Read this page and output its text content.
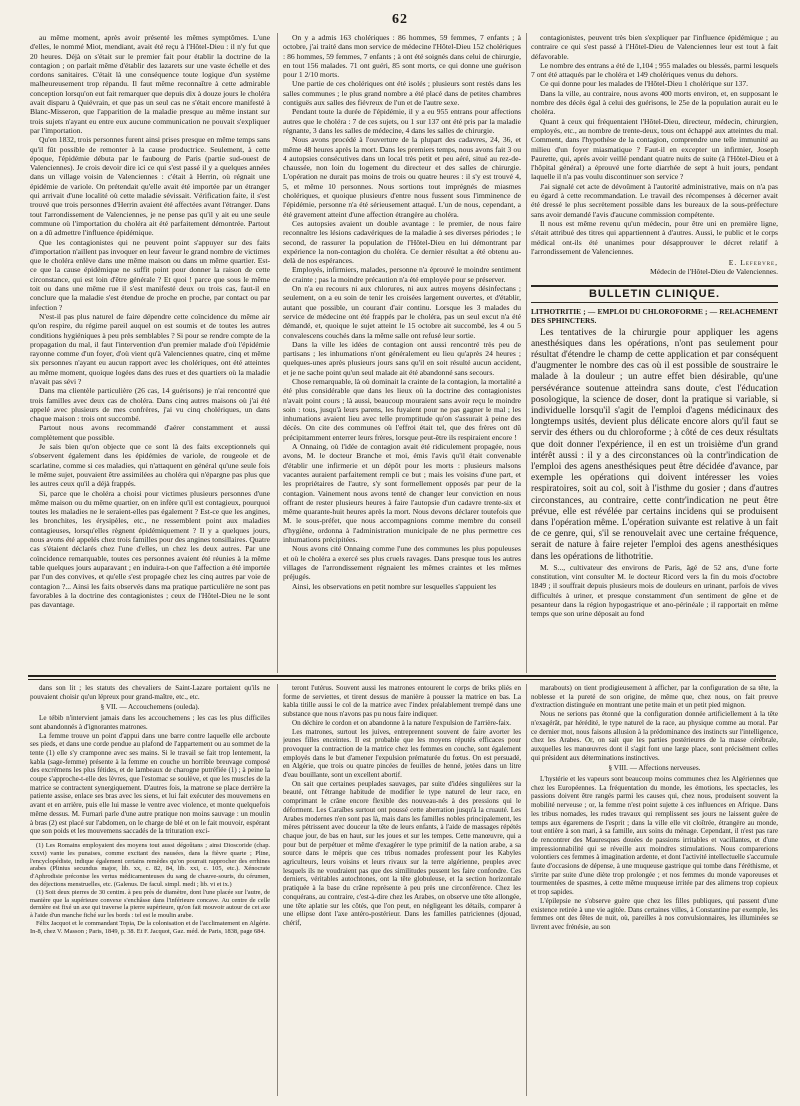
62

au même moment, après avoir présenté les mêmes symptômes. L'une d'elles, le nommé Miot, mendiant, avait été reçu à l'Hôtel-Dieu : il n'y fut que 20 heures. Déjà on s'était sur le premier fait pour établir la doctrine de la contagion ; on parlait même d'établir des lazarets sur une vaste échelle et des cordons sanitaires. C'était là une conséquence toute logique d'un système malheureusement trop répandu. Il faut même reconnaître à cette admirable conception lorsqu'on eut fait remarquer que depuis dix à douze jours le choléra avait disparu à Quiévrain, et que pas un seul cas ne s'était encore manifesté à Blanc-Misseron, que l'apparition de la maladie presque au même instant sur trois sujets n'ayant eu entre eux aucune communication ne pouvait s'expliquer par l'importation.

Qu'en 1832, trois personnes furent ainsi prises presque en même temps sans qu'il fût possible de remonter à la cause productrice. Seulement, à cette époque, l'épidémie débuta par le faubourg de Paris (partie sud-ouest de Valenciennes). Je crois devoir dire ici ce qui s'est passé il y a quelques années dans un village voisin de Valenciennes : c'était à Herrin, où régnait une épidémie de variole. On prétendait qu'elle avait été importée par un étranger qui arrivait d'une localité où cette maladie sévissait. Vérification faite, il s'est trouvé que trois personnes d'Herrin avaient été affectées avant l'étranger. Dans tout l'arrondissement de Valenciennes, je ne pense pas qu'il y ait eu une seule commune où l'importation du choléra ait été parfaitement démontrée. Partout on a dû admettre l'influence épidémique.

Que les contagionistes qui ne peuvent point s'appuyer sur des faits d'importation n'aillent pas invoquer en leur faveur le grand nombre de victimes que le choléra enlève dans une même maison ou dans un même quartier. Est-ce que la cause épidémique ne suffit point pour donner la raison de cette circonstance, qui est loin d'être générale ? Et quoi ! parce que sous le même toit ou dans une même rue il s'est manifesté deux ou trois cas, faut-il en conclure que la maladie s'est étendue de proche en proche, par contact ou par infection ?

N'est-il pas plus naturel de faire dépendre cette coïncidence du même air qu'on respire, du régime pareil auquel on est soumis et de toutes les autres conditions hygiéniques à peu près semblables ? Si pour se rendre compte de la propagation du mal, il faut l'intervention d'un premier malade d'où l'épidémie rayonne comme d'un foyer, d'où vient qu'à Valenciennes quatre, cinq et même six personnes n'ayant eu aucun rapport avec les cholériques, ont été atteintes au même moment, quoique logées dans des rues et des quartiers où la maladie n'avait pas sévi ?

Dans ma clientèle particulière (26 cas, 14 guérisons) je n'ai rencontré que trois familles avec deux cas de choléra. Dans cinq autres maisons où j'ai été appelé avec plusieurs de mes confrères, j'ai vu cinq cholériques, un dans chaque maison : trois ont succombé.

Partout nous avons recommandé d'aérer constamment et aussi complètement que possible.

Je sais bien qu'on objecte que ce sont là des faits exceptionnels qui s'observent également dans les épidémies de variole, de rougeole et de scarlatine, comme si ces maladies, qui n'attaquent en général qu'une seule fois le même sujet, pouvaient être assimilées au choléra qui n'épargne pas plus que les autres ceux qu'il a déjà frappés.

Si, parce que le choléra a choisi pour victimes plusieurs personnes d'une même maison ou du même quartier, on en infère qu'il est contagieux, pourquoi toutes les maladies ne le seraient-elles pas également ? Est-ce que les angines, les bronchites, les érysipèles, etc., ne ressemblent point aux maladies contagieuses, lorsqu'elles règnent épidémiquement ? Il y a quelques jours, nous avons été appelés chez trois familles pour des angines tonsillaires. Quatre cas s'étaient déclarés chez l'une d'elles, un chez les deux autres. Par une coïncidence remarquable, toutes ces personnes avaient été réunies à la même table quelques jours auparavant ; en induira-t-on que l'affection a été importée par l'un des convives, et qu'elle s'est propagée chez les cinq autres par voie de contagion ?... Ainsi les faits observés dans ma pratique particulière ne sont pas favorables à la doctrine des contagionistes ; ceux de l'Hôtel-Dieu ne le sont pas davantage.

On y a admis 163 cholériques : 86 hommes, 59 femmes, 7 enfants ; à octobre, j'ai traité dans mon service de médecine l'Hôtel-Dieu 152 cholériques : 86 hommes, 59 femmes, 7 enfants ; à ont été soignés dans celui de chirurgie, en tout 156 malades. 71 ont guéri, 85 sont morts, ce qui donne une guérison pour 1 2/10 morts.

Une partie de ces cholériques ont été isolés ; plusieurs sont restés dans les salles communes ; le plus grand nombre a été placé dans de petites chambres contiguës aux salles des fiévreux de l'un et de l'autre sexe.

Pendant toute la durée de l'épidémie, il y a eu 955 entrans pour affections autres que le choléra : 7 de ces sujets, ou 1 sur 137 ont été pris par la maladie régnante, 3 dans les salles de médecine, 4 dans les salles de chirurgie.

Nous avons procédé à l'ouverture de la plupart des cadavres, 24, 36, et même 48 heures après la mort. Dans les premiers temps, nous avons fait 3 ou 4 autopsies consécutives dans un local très petit et peu aéré, situé au rez-de-chaussée, non loin du logement du directeur et des salles de chirurgie. L'opération ne durait pas moins de trois ou quatre heures : il s'y est trouvé 4, 5, et même 10 personnes. Nous sortions tout imprégnés de miasmes cholériques, et quoique plusieurs d'entre nous fussent sous l'imminence de l'épidémie, personne n'a été sérieusement attaqué. L'un de nous, cependant, a été gravement atteint d'une affection étrangère au choléra.

Ces autopsies avaient un double avantage : le premier, de nous faire reconnaître les lésions cadavériques de la maladie à ses diverses périodes ; le second, de rassurer la population de l'Hôtel-Dieu en lui démontrant par expérience la non-contagion du choléra. Ce dernier résultat a été obtenu au-delà de nos espérances.

Employés, infirmiers, malades, personne n'a éprouvé le moindre sentiment de crainte ; pas la moindre précaution n'a été employée pour se préserver.

On n'a eu recours ni aux chlorures, ni aux autres moyens désinfectans ; seulement, on a eu soin de tenir les croisées largement ouvertes, et d'établir, autant que possible, un courant d'air continu. Lorsque les 3 malades du service de médecine ont été frappés par le choléra, pas un seul excut n'a été démandé, et, quoique le sujet atteint le 15 octobre ait succombé, les 4 ou 5 convalescens couchés dans la même salle ont refusé leur sortie.

Dans la ville les idées de contagion ont aussi rencontré très peu de partisans ; les inhumations n'ont généralement eu lieu qu'après 24 heures ; quelques-unes après plusieurs jours sans qu'il en soit résulté aucun accident, et je ne sache point qu'un seul malade ait été abandonné sans secours.

Chose remarquable, là où dominait la crainte de la contagion, la mortalité a été plus considérable que dans les lieux où la doctrine des contagionistes n'avait point cours ; là aussi, beaucoup mouraient sans avoir reçu le moindre soin : tous, jusqu'à leurs parens, les fuyaient pour ne pas gagner le mal ; les inhumations avaient lieu avec telle promptitude qu'on s'assurait à peine des décès. On cite des communes où l'effroi était tel, que des frères ont dû précipitamment enterrer leurs frères, lorsque peut-être ils respiraient encore !

A Onnaing, où l'idée de contagion avait été ridiculement propagée, nous avons, M. le docteur Branche et moi, émis l'avis qu'il était convenable d'établir une infirmerie et un dépôt pour les morts : plusieurs malsons vacantes auraient parfaitement rempli ce but ; mais les voisins d'une part, et les propriétaires de l'autre, s'y sont formellement opposés par peur de la contagion. Vainement nous avons tenté de changer leur conviction en nous offrant de rester plusieurs heures à faire l'autopsie d'un cadavre trente-six et même quarante-huit heures après la mort. Nous devons déclarer toutefois que M. le sous-préfet, que nous accompagnions comme membre du conseil d'hygiène, ordonna à l'administration municipale de ne plus permettre ces inhumations précipitées.

Nous avons cité Onnaing comme l'une des communes les plus populeuses et où le choléra a exercé ses plus cruels ravages. Dans presque tous les autres villages de l'arrondissement régnaient les mêmes craintes et les mêmes préjugés.

Ainsi, les observations en petit nombre sur lesquelles s'appuient les

contagionistes, peuvent très bien s'expliquer par l'influence épidémique ; au contraire ce qui s'est passé à l'Hôtel-Dieu de Valenciennes leur est tout à fait défavorable.

Le nombre des entrans a été de 1,104 ; 955 malades ou blessés, parmi lesquels 7 ont été attaqués par le choléra et 149 cholériques venus du dehors.

Ce qui donne pour les malades de l'Hôtel-Dieu 1 cholérique sur 137.

Dans la ville, au contraire, nous avons 400 morts environ, et, en supposant le nombre des décès égal à celui des guérisons, le 25e de la population aurait eu le choléra.

Quant à ceux qui fréquentaient l'Hôtel-Dieu, directeur, médecin, chirurgien, employés, etc., au nombre de trente-deux, tous ont échappé aux atteintes du mal. Comment, dans l'hypothèse de la contagion, comprendre une telle immunité au milieu d'un foyer miasmatique ? Faut-il en excepter un infirmier, Joseph Paurette, qui, après avoir veillé pendant quatre nuits de suite (à l'Hôtel-Dieu et à l'hôpital général) a éprouvé une forte diarrhée de sept à huit jours, pendant laquelle il n'a pas voulu discontinuer son service ?

J'ai signalé cet acte de dévoûment à l'autorité administrative, mais on n'a pas eu égard à cette recommandation. Le travail des récompenses à décerner avait été dressé le plus secrètement possible dans les bureaux de la sous-préfecture sans avoir demandé l'avis d'aucune commission compétente.

Il nous est même revenu qu'un médecin, pour être uni en première ligne, s'était attribué des titres qui appartiennent à d'autres. Aussi, le public et le corps médical ont-ils été unanimes pour désapprouver le décret relatif à l'arrondissement de Valenciennes.

E. Lefebvre,
Médecin de l'Hôtel-Dieu de Valenciennes.
BULLETIN CLINIQUE.

LITHOTRITIE ; — EMPLOI DU CHLOROFORME ; — RELACHEMENT DES SPHINCTERS.

Les tentatives de la chirurgie pour appliquer les agens anesthésiques dans les opérations, n'ont pas seulement pour résultat d'étendre le champ de cette application et par conséquent d'augmenter le nombre des cas où il est possible de soustraire le malade à la douleur ; un autre effet bien désirable, qu'une persévérance soutenue atteindra sans doute, c'est l'éducation posologique, la science de doser, dont la pratique si variable, si individuelle lorsqu'il s'agit de l'emploi d'agens médicinaux des longtemps usités, devient plus délicate encore alors qu'il faut se servir des éthers ou du chloroforme ; à côté de ces deux résultats que doit donner l'expérience, il en est un troisième d'un grand intérêt aussi : il y a des circonstances où la contr'indication de l'emploi des agens anesthésiques peut être décidée d'avance, par exemple les opérations qui doivent intéresser les voies respiratoires, soit au col, soit à l'isthme du gosier ; dans d'autres circonstances, au contraire, cette contr'indication ne peut être prévue, elle est révélée par certains incidens qui se produisent dans l'opération même. L'opération suivante est relative à un fait de ce genre, qui, s'il se renouvelait avec une certaine fréquence, serait de nature à faire rejeter l'emploi des agens anesthésiques dans les opérations de lithotritie.

M. S..., cultivateur des environs de Paris, âgé de 52 ans, d'une forte constitution, vint consulter M. le docteur Ricord vers la fin du mois d'octobre 1849 ; il souffrait depuis plusieurs mois de douleurs en urinant, parfois de vives difficultés à uriner, et presque constamment d'un sentiment de gêne et de pesanteur dans la région hypogastrique et ano-périnéale ; il rapportait en même temps que son urine déposait au fond

dans son lit ; les statuts des chevaliers de Saint-Lazare portaient qu'ils ne pouvaient choisir qu'un lépreux pour grand-maître, etc., etc.

§ VII. — Accouchemens (ouleda).

Le tébib n'intervient jamais dans les accouchemens ; les cas les plus difficiles sont abandonnés à d'ignorantes matrones.

La femme trouve un point d'appui dans une barre contre laquelle elle arcboute ses pieds, et dans une corde pendue au plafond de l'appartement ou au sommet de la tente (1) elle s'y cramponne avec ses mains. Si le travail se fait trop lentement, la kabla (sage-femme) présente à la femme en couche un horrible breuvage composé des excrémens les plus fétides, et de lambeaux de charogne putréfiée (1) ; à peine la coupe s'approche-t-elle des lèvres, que l'estomac se soulève, et que les muscles de la matrice se contractent synergiquement. D'autres fois, la matrone se place derrière la patiente assise, enlace ses bras avec les siens, et lui fait exécuter des mouvemens en avant et en arrière, puis elle lui masse le ventre avec violence, et monte quelquefois même dessus. M. Furnari parle d'une autre pratique non moins sauvage : un moulin à bras (2) est placé sur l'abdomen, on le charge de blé et on le fait mouvoir, espérant que son poids et les mouvemens saccadés de la trituration exci-

(1) Les Romains employaient des moyens tout aussi dégoûtans ; ainsi Dioscoride (chap. xxxvi) vante les punaises, comme excitant des nausées, dans la fièvre quarte ; Pline, l'encyclopédiste, indique également certains remèdes qu'on pourrait rapprocher des errhines arabes (Plinius secundus major, lib. xx, c. 82, 84, lib. xxi, c. 105, etc.). Xénocrate d'Aphrodisie préconise les vertus médicamenteuses du sang de chauve-souris, du cérumen, des déjections menstruelles, etc. (Galenus. De facul. simpl. medi ; lib. vi et ix.)

(1) Soit deux pierres de 30 centim. à peu près de diamètre, dont l'une placée sur l'autre, de manière que la supérieure convexe s'enchâsse dans l'inférieure concave. Au centre de celle dernière est fixé un axe qui traverse la pierre supérieure, qu'on fait mouvoir autour de cet axe à l'aide d'un manche fiché sur les bords : tel est le moulin arabe.

Félix Jacquot et le commandant Topia, De la colonisation et de l'acclimatement en Algérie. In-8, chez V. Masson ; Paris, 1849, p. 38. Et F. Jacquot, Gaz. méd. de Paris, 1838, page 684.

teront l'utérus. Souvent aussi les matrones entourent le corps de briks pliés en forme de serviettes, et tirent dessus de manière à pousser la matrice en bas. La kabla titille aussi le col de la matrice avec l'index préalablement trempé dans une substance que nous n'avons pas pu nous faire indiquer.

On déchire le cordon et on abandonne à la nature l'expulsion de l'arrière-faix.

Les matrones, surtout les juives, entreprennent souvent de faire avorter les jeunes filles enceintes. Il est probable que les moyens réputés efficaces pour provoquer la contraction de la matrice chez les femmes en couche, sont également employés dans le but d'amener l'expulsion prématurée du fœtus. On est persuadé, en Algérie, que trois ou quatre pincées de feuilles de henné, jetées dans un litre d'eau bouillante, sont un excellent abortif.

On sait que certaines peuplades sauvages, par suite d'idées singulières sur la beauté, ont l'étrange habitude de modifier le type naturel de leur race, en comprimant le crâne encore flexible des nouveau-nés à des pressions qui le déforment. Les Caraïbes surtout ont poussé cette aberration jusqu'à la cruauté. Les Arabes modernes n'en sont pas là, mais dans les familles nobles principalement, les mères pétrissent avec douceur la tête de leurs enfants, à l'aide de massages répétés chaque jour, de bas en haut, sur les joues et sur les tempes. Cette manœuvre, qui a pour but de perpétuer et même d'exagérer le type primitif de la nation arabe, a sa source dans le mépris que ces tribus nomades professent pour les Kabyles agriculteurs, leurs voisins et leurs rivaux sur la terre algérienne, peuples avec lesquels ils ne voudraient pas que des similitudes pussent les faire confondre. Ces derniers, véritables autochtones, ont la tête globuleuse, et la section horizontale pratiquée à la base du crâne représente à peu près une circonférence. Chez les conquérans, au contraire, c'est-à-dire chez les Arabes, on observe une tête allongée, une tête aplatie sur les côtés, que l'on peut, en négligeant les détails, comparer à une ellipse dont l'axe antéro-postérieur. Dans les familles patriciennes (djouad, chérif,

marabouts) on tient prodigieusement à afficher, par la configuration de sa tête, la noblesse et la pureté de son origine, de même que, chez nous, on fait preuve d'extraction distinguée en montrant une petite main et un petit pied mignon.

Nous ne serions pas étonné que la configuration donnée artificiellement à la tête n'exagérât, par hérédité, le type naturel de la race, au physique comme au moral. Par ce dernier mot, nous faisons allusion à la prédominance des instincts sur l'intelligence, chez les Arabes. Or, on sait que les parties postérieures de la masse cérébrale, auxquelles les manœuvres dont il s'agit font une large place, sont précisément celles qui président aux déterminations instinctives.

§ VIII. — Affections nerveuses.

L'hystérie et les vapeurs sont beaucoup moins communes chez les Algériennes que chez les Européennes. La fréquentation du monde, les émotions, les spectacles, les passions doivent être rangés parmi les causes qui, chez nous, produisent souvent la mobilité nerveuse ; or, la femme n'est point sujette à ces influences en Afrique. Dans les tribus nomades, les rudes travaux qui remplissent ses jours ne laissent guère de temps aux égaremens de l'esprit ; dans la ville elle vit cloîtrée, étrangère au monde, tout entière à son mari, à sa famille, aux soins du ménage. Cependant, il n'est pas rare de rencontrer des Mauresques douées de passions irritables et vacillantes, et d'une impressionnabilité qui se réveille aux moindres stimulations. Nous comparerions volontiers ces femmes à imagination ardente, et dont l'activité intellectuelle s'accumule faute d'occasions de dépense, à une muqueuse gastrique qui tombe dans l'éréthisme, et s'irrite par suite d'une diète trop prolongée ; et nos femmes du monde vaporeuses et tourmentées de spasmes, à cette même muqueuse irritée par des alimens trop copieux et trop sapides.

L'épilepsie ne s'observe guère que chez les filles publiques, qui passent d'une existence retirée à une vie agitée. Dans certaines villes, à Constantine par exemple, les femmes ont des fêtes de nuit, où, pareilles à nos convulsionnaires, les illuminées se livrent avec frénésie, au son
